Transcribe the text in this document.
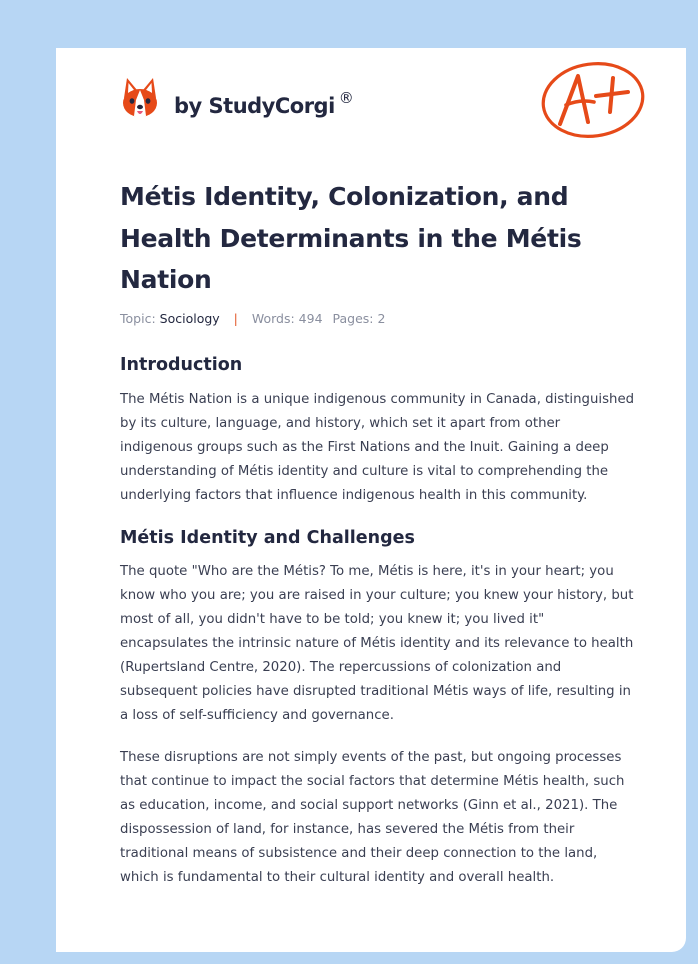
by StudyCorgi ®
Métis Identity, Colonization, and Health Determinants in the Métis Nation
Topic: Sociology | Words: 494 Pages: 2
Introduction

The Métis Nation is a unique indigenous community in Canada, distinguished by its culture, language, and history, which set it apart from other indigenous groups such as the First Nations and the Inuit. Gaining a deep understanding of Métis identity and culture is vital to comprehending the underlying factors that influence indigenous health in this community.

Métis Identity and Challenges

The quote "Who are the Métis? To me, Métis is here, it's in your heart; you know who you are; you are raised in your culture; you knew your history, but most of all, you didn't have to be told; you knew it; you lived it" encapsulates the intrinsic nature of Métis identity and its relevance to health (Rupertsland Centre, 2020). The repercussions of colonization and subsequent policies have disrupted traditional Métis ways of life, resulting in a loss of self-sufficiency and governance.

These disruptions are not simply events of the past, but ongoing processes that continue to impact the social factors that determine Métis health, such as education, income, and social support networks (Ginn et al., 2021). The dispossession of land, for instance, has severed the Métis from their traditional means of subsistence and their deep connection to the land, which is fundamental to their cultural identity and overall health.
